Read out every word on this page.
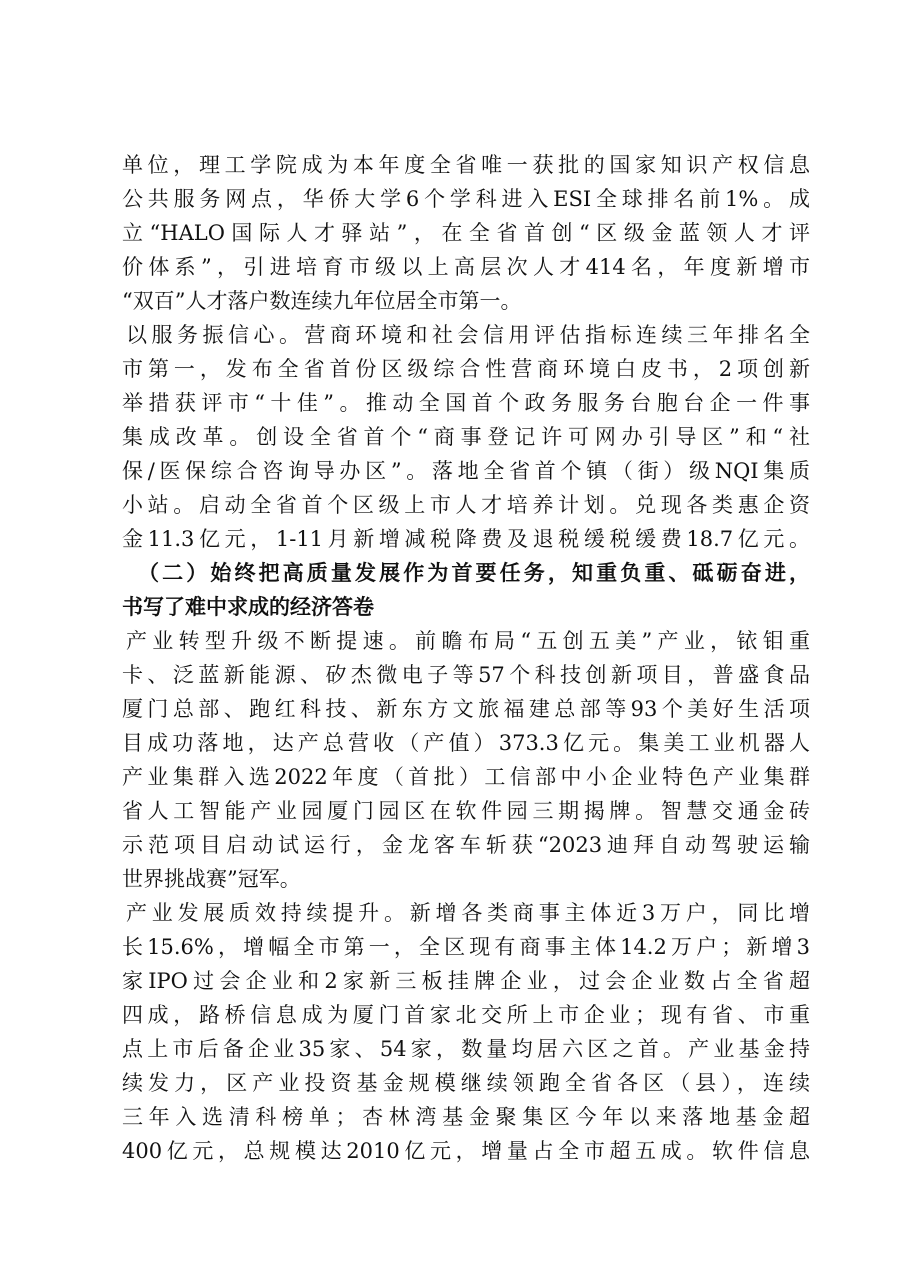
单位，理工学院成为本年度全省唯一获批的国家知识产权信息
公共服务网点，华侨大学6个学科进入ESI全球排名前1%。成
立“HALO国际人才驿站”，在全省首创“区级金蓝领人才评
价体系”，引进培育市级以上高层次人才414名，年度新增市
“双百”人才落户数连续九年位居全市第一。
以服务振信心。营商环境和社会信用评估指标连续三年排名全
市第一，发布全省首份区级综合性营商环境白皮书，2项创新
举措获评市“十佳”。推动全国首个政务服务台胞台企一件事
集成改革。创设全省首个“商事登记许可网办引导区”和“社
保/医保综合咨询导办区”。落地全省首个镇（街）级NQI集质
小站。启动全省首个区级上市人才培养计划。兑现各类惠企资
金11.3亿元，1-11月新增减税降费及退税缓税缓费18.7亿元。
（二）始终把高质量发展作为首要任务，知重负重、砥砺奋进，
书写了难中求成的经济答卷
产业转型升级不断提速。前瞻布局“五创五美”产业，铱钼重
卡、泛蓝新能源、矽杰微电子等57个科技创新项目，普盛食品
厦门总部、跑红科技、新东方文旅福建总部等93个美好生活项
目成功落地，达产总营收（产值）373.3亿元。集美工业机器人
产业集群入选2022年度（首批）工信部中小企业特色产业集群
省人工智能产业园厦门园区在软件园三期揭牌。智慧交通金砖
示范项目启动试运行，金龙客车斩获“2023迪拜自动驾驶运输
世界挑战赛”冠军。
产业发展质效持续提升。新增各类商事主体近3万户，同比增
长15.6%，增幅全市第一，全区现有商事主体14.2万户；新增3
家IPO过会企业和2家新三板挂牌企业，过会企业数占全省超
四成，路桥信息成为厦门首家北交所上市企业；现有省、市重
点上市后备企业35家、54家，数量均居六区之首。产业基金持
续发力，区产业投资基金规模继续领跑全省各区（县），连续
三年入选清科榜单；杏林湾基金聚集区今年以来落地基金超
400亿元，总规模达2010亿元，增量占全市超五成。软件信息
